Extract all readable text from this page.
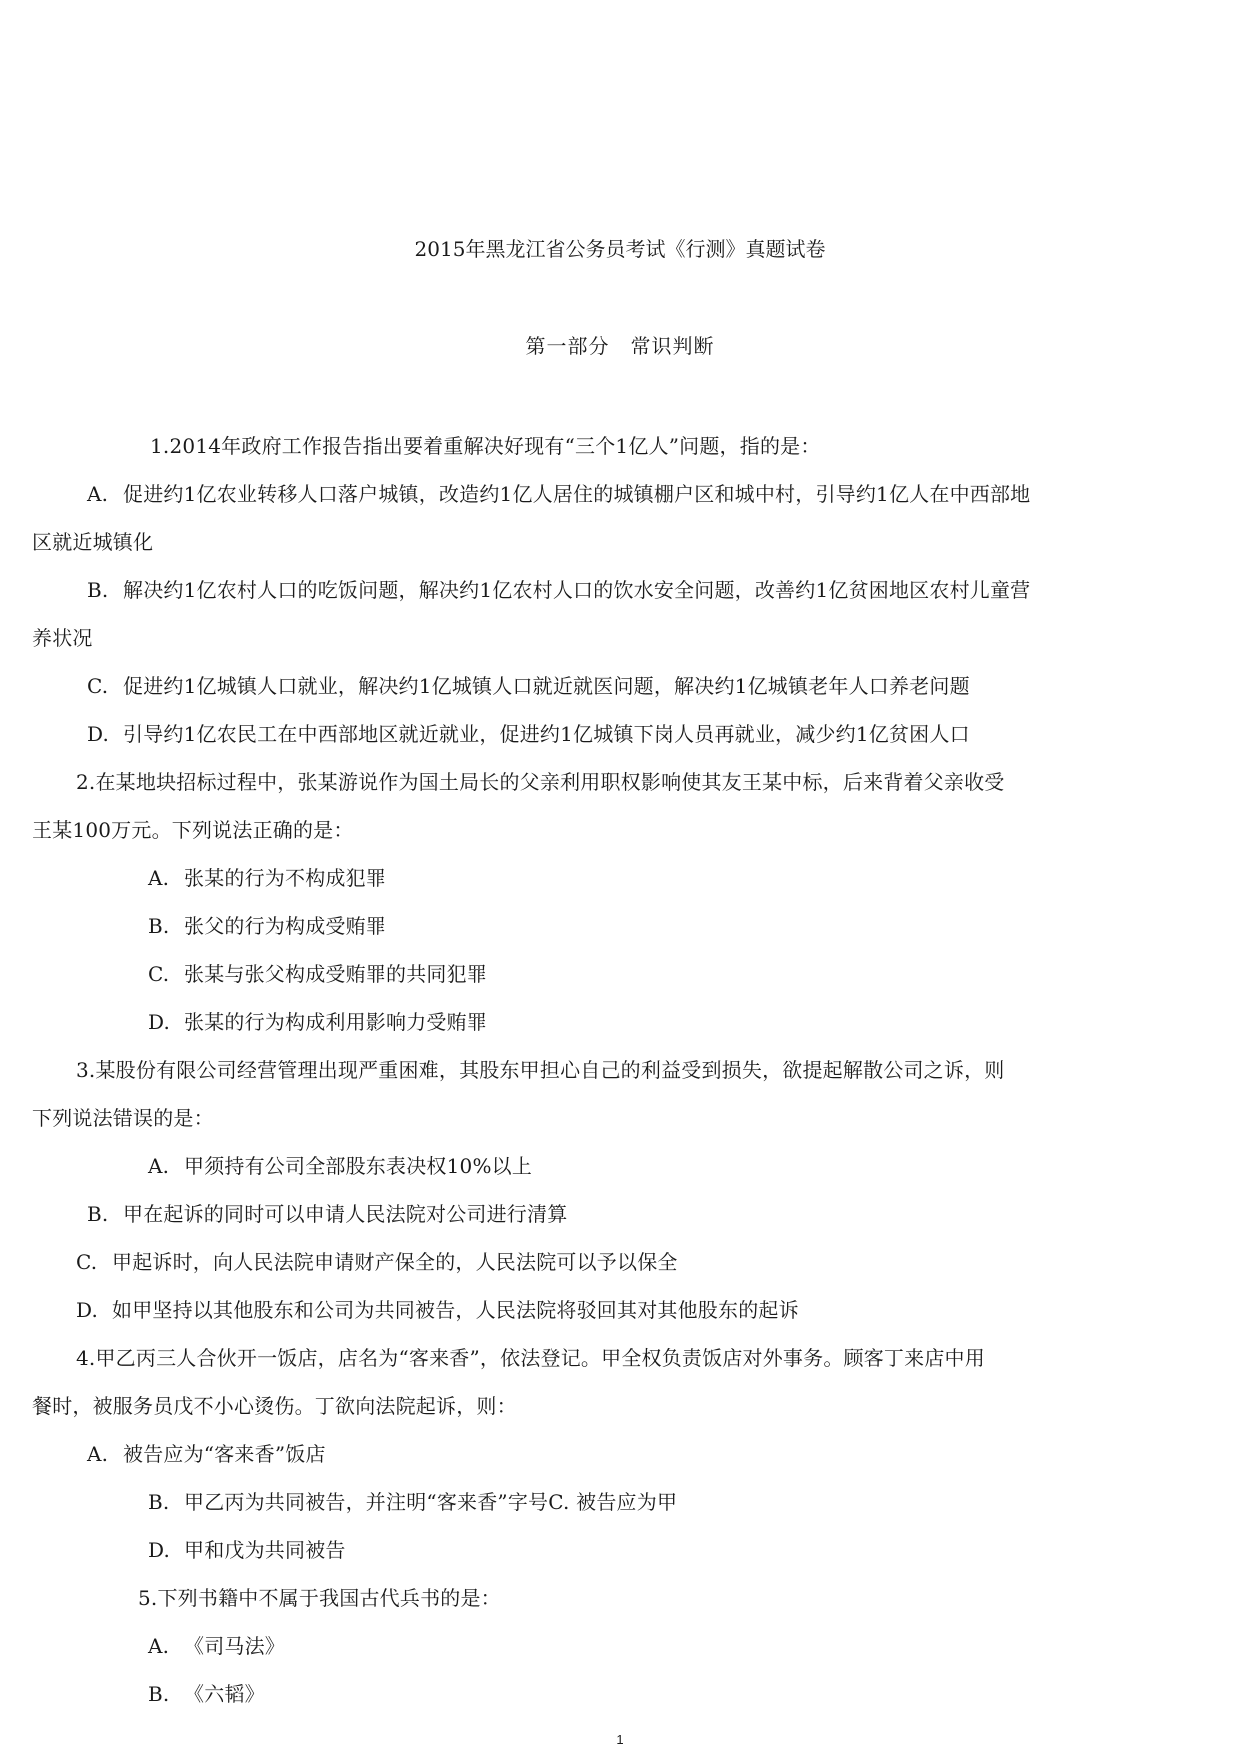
2015年黑龙江省公务员考试《行测》真题试卷
第一部分　常识判断
1.2014年政府工作报告指出要着重解决好现有“三个1亿人”问题，指的是：
A. 促进约1亿农业转移人口落户城镇，改造约1亿人居住的城镇棚户区和城中村，引导约1亿人在中西部地
区就近城镇化
B. 解决约1亿农村人口的吃饭问题，解决约1亿农村人口的饮水安全问题，改善约1亿贫困地区农村儿童营
养状况
C. 促进约1亿城镇人口就业，解决约1亿城镇人口就近就医问题，解决约1亿城镇老年人口养老问题
D. 引导约1亿农民工在中西部地区就近就业，促进约1亿城镇下岗人员再就业，减少约1亿贫困人口
2.在某地块招标过程中，张某游说作为国土局长的父亲利用职权影响使其友王某中标，后来背着父亲收受
王某100万元。下列说法正确的是：
A. 张某的行为不构成犯罪
B. 张父的行为构成受贿罪
C. 张某与张父构成受贿罪的共同犯罪
D. 张某的行为构成利用影响力受贿罪
3.某股份有限公司经营管理出现严重困难，其股东甲担心自己的利益受到损失，欲提起解散公司之诉，则
下列说法错误的是：
A. 甲须持有公司全部股东表决权10%以上
B. 甲在起诉的同时可以申请人民法院对公司进行清算
C. 甲起诉时，向人民法院申请财产保全的，人民法院可以予以保全
D. 如甲坚持以其他股东和公司为共同被告，人民法院将驳回其对其他股东的起诉
4.甲乙丙三人合伙开一饭店，店名为“客来香”，依法登记。甲全权负责饭店对外事务。顾客丁来店中用
餐时，被服务员戊不小心烫伤。丁欲向法院起诉，则：
A. 被告应为“客来香”饭店
B. 甲乙丙为共同被告，并注明“客来香”字号C. 被告应为甲
D. 甲和戊为共同被告
5.下列书籍中不属于我国古代兵书的是：
A. 《司马法》
B. 《六韬》
1
